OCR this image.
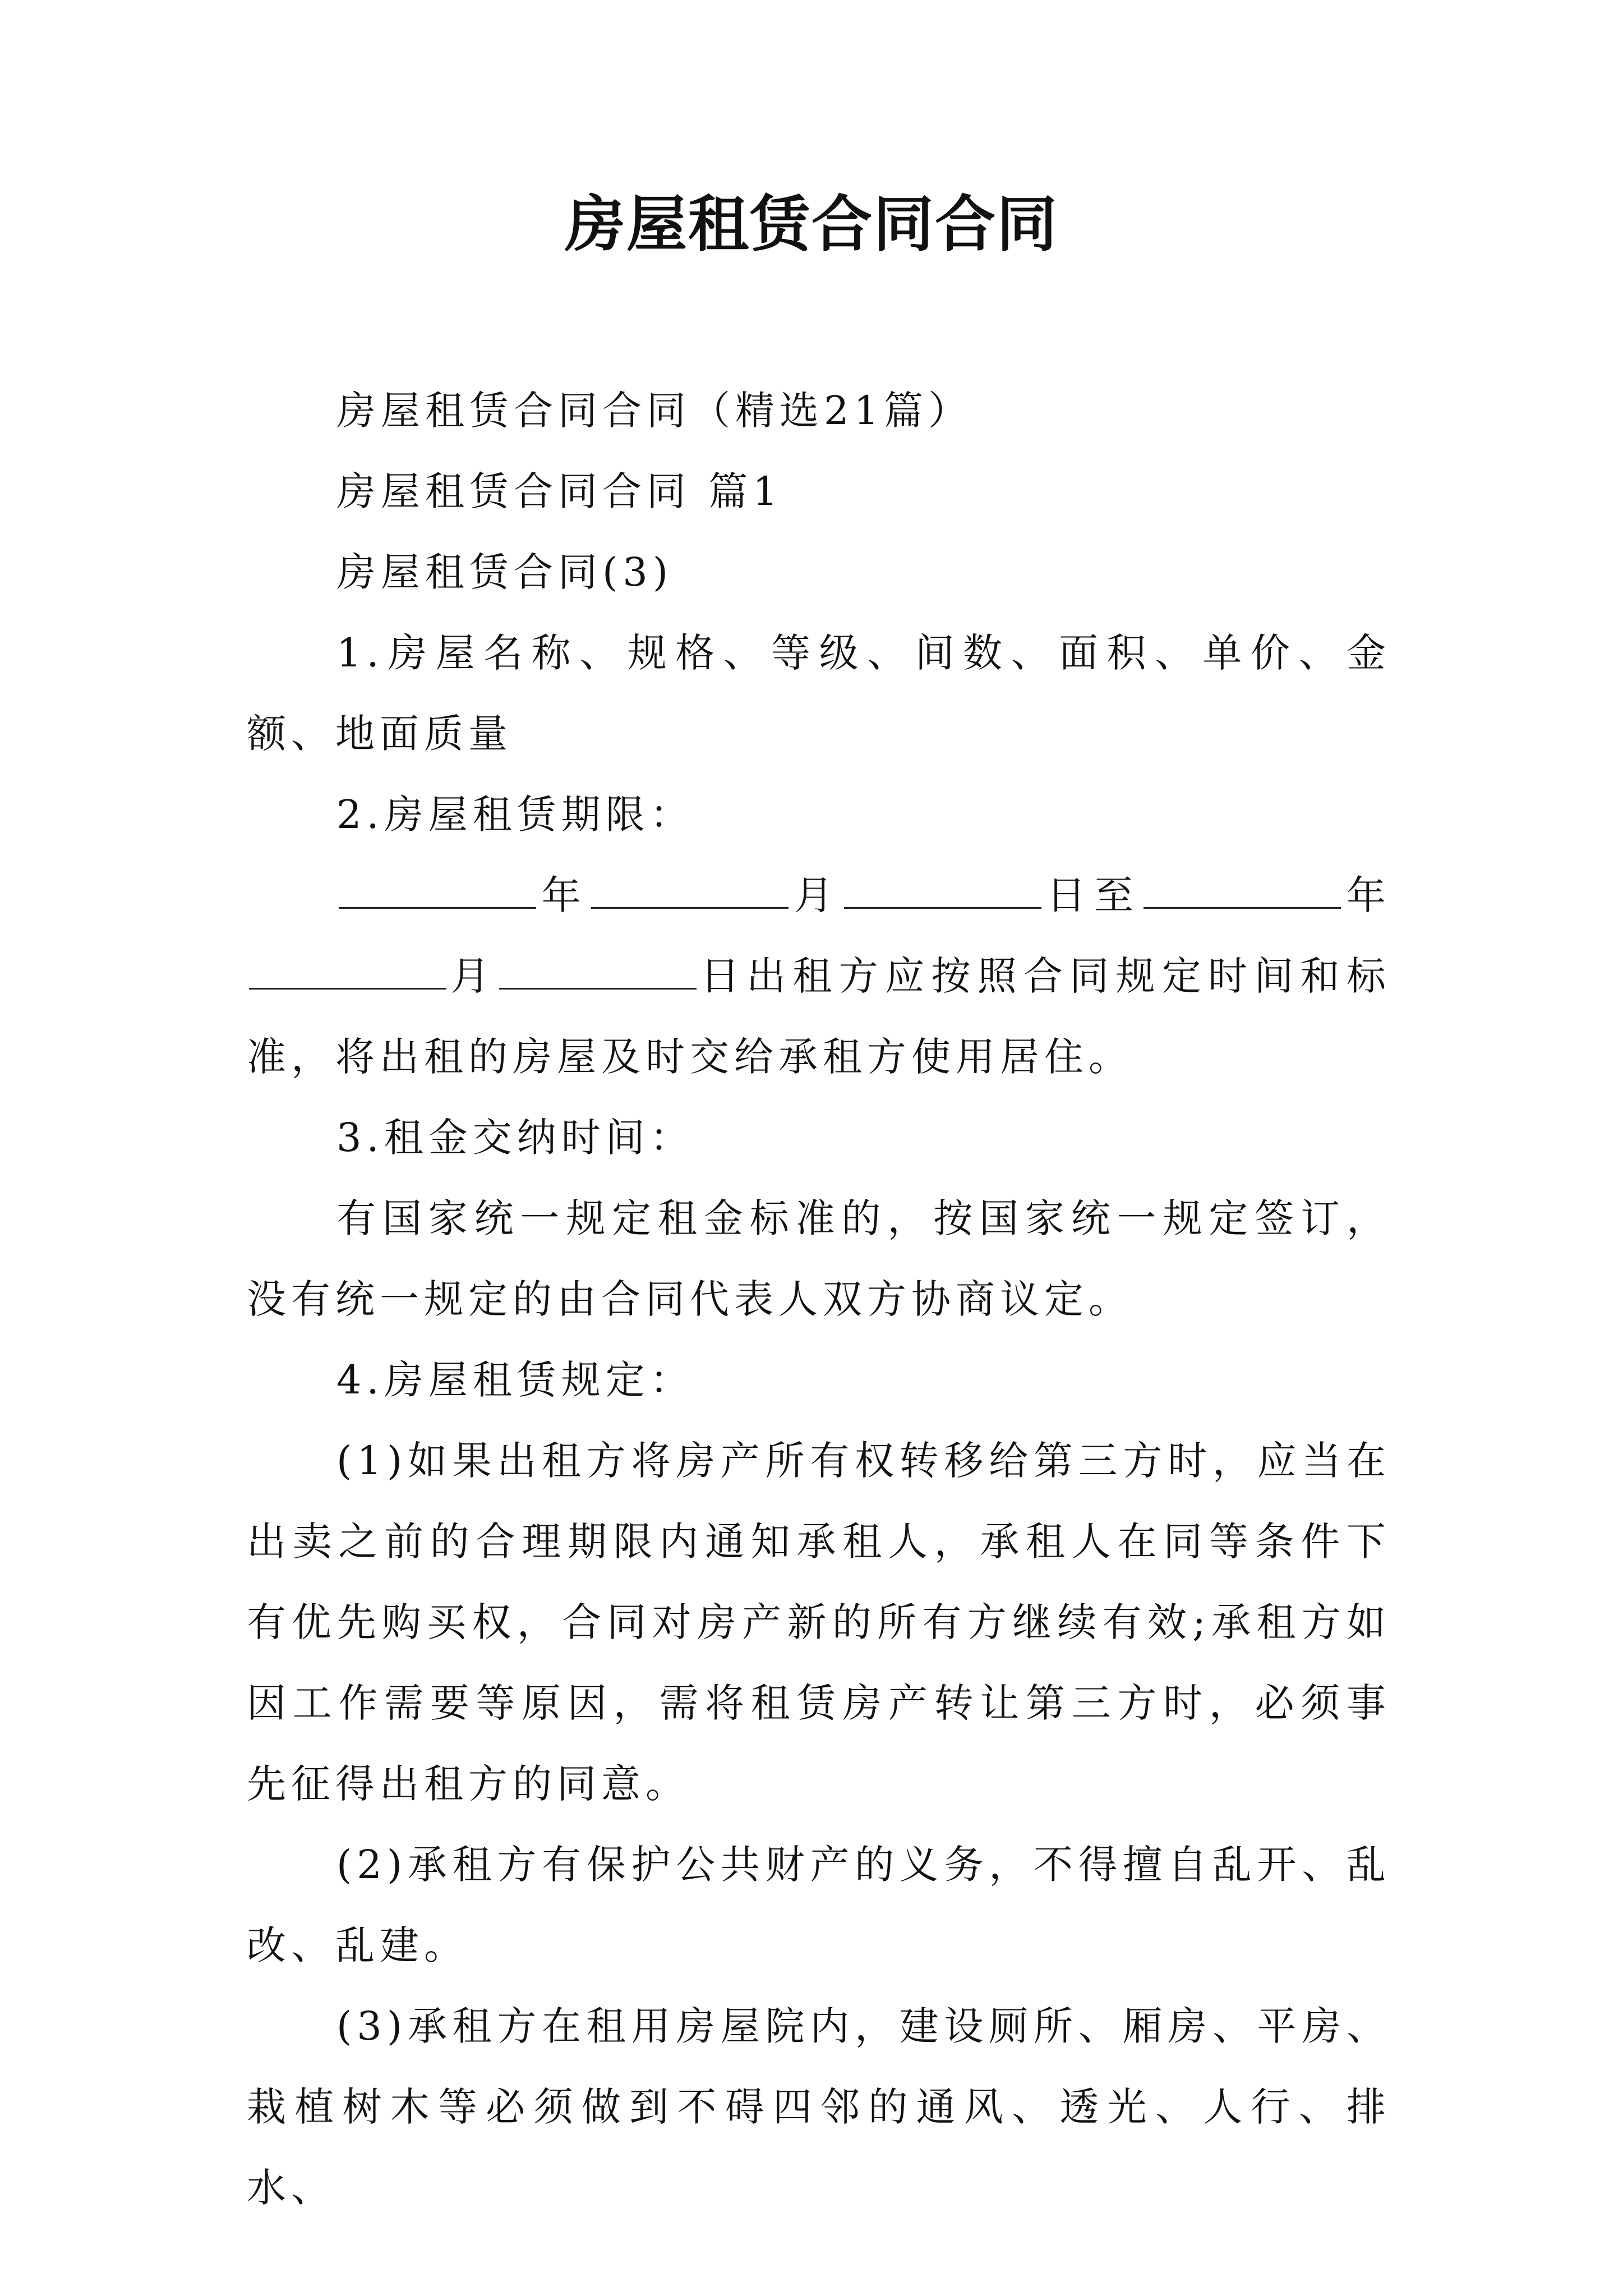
房屋租赁合同合同

房屋租赁合同合同（精选21篇）

房屋租赁合同合同 篇1

房屋租赁合同(3)

1.房屋名称、规格、等级、间数、面积、单价、金额、地面质量

2.房屋租赁期限：

年	月	日至	年 月	日出租方应按照合同规定时间和标准，将出租的房屋及时交给承租方使用居住。

3.租金交纳时间：

有国家统一规定租金标准的，按国家统一规定签订，没有统一规定的由合同代表人双方协商议定。

4.房屋租赁规定：

(1)如果出租方将房产所有权转移给第三方时，应当在出卖之前的合理期限内通知承租人，承租人在同等条件下有优先购买权，合同对房产新的所有方继续有效;承租方如因工作需要等原因，需将租赁房产转让第三方时，必须事先征得出租方的同意。

(2)承租方有保护公共财产的义务，不得擅自乱开、乱改、乱建。

(3)承租方在租用房屋院内，建设厕所、厢房、平房、栽植树木等必须做到不碍四邻的通风、透光、人行、排水、
